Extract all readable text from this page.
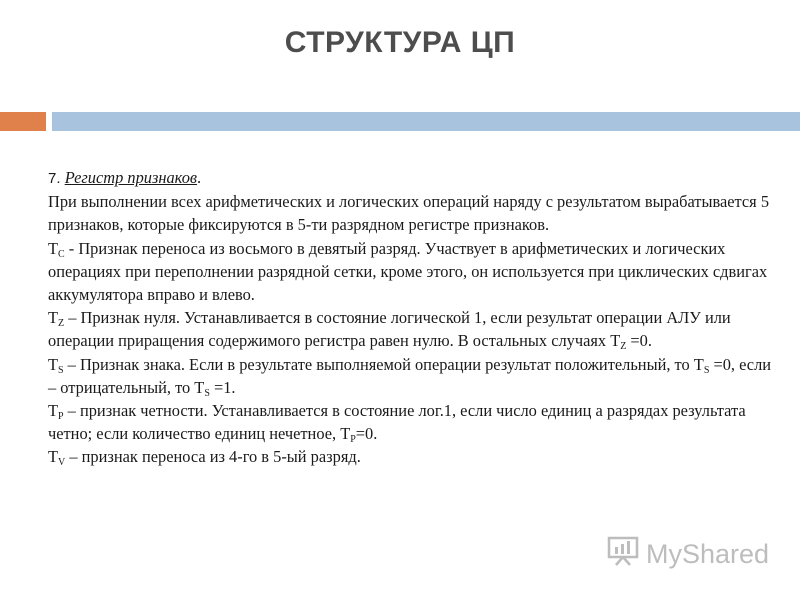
СТРУКТУРА ЦП

7. Регистр признаков.

При выполнении всех арифметических и логических операций наряду с результатом вырабатывается 5 признаков, которые фиксируются в 5-ти разрядном регистре признаков.

$T_C$ - Признак переноса из восьмого в девятый разряд. Участвует в арифметических и логических операциях при переполнении разрядной сетки, кроме этого, он используется при циклических сдвигах аккумулятора вправо и влево.

$T_Z$ – Признак нуля. Устанавливается в состояние логической 1, если результат операции АЛУ или операции приращения содержимого регистра равен нулю. В остальных случаях $T_Z =0$.

$T_S$ – Признак знака. Если в результате выполняемой операции результат положительный, то $T_S =0$, если – отрицательный, то $T_S =1$.

$T_P$ – признак четности. Устанавливается в состояние лог.1, если число единиц а разрядах результата четно; если количество единиц нечетное, $T_P=0$.

$T_V$ – признак переноса из 4-го в 5-ый разряд.

MyShared
